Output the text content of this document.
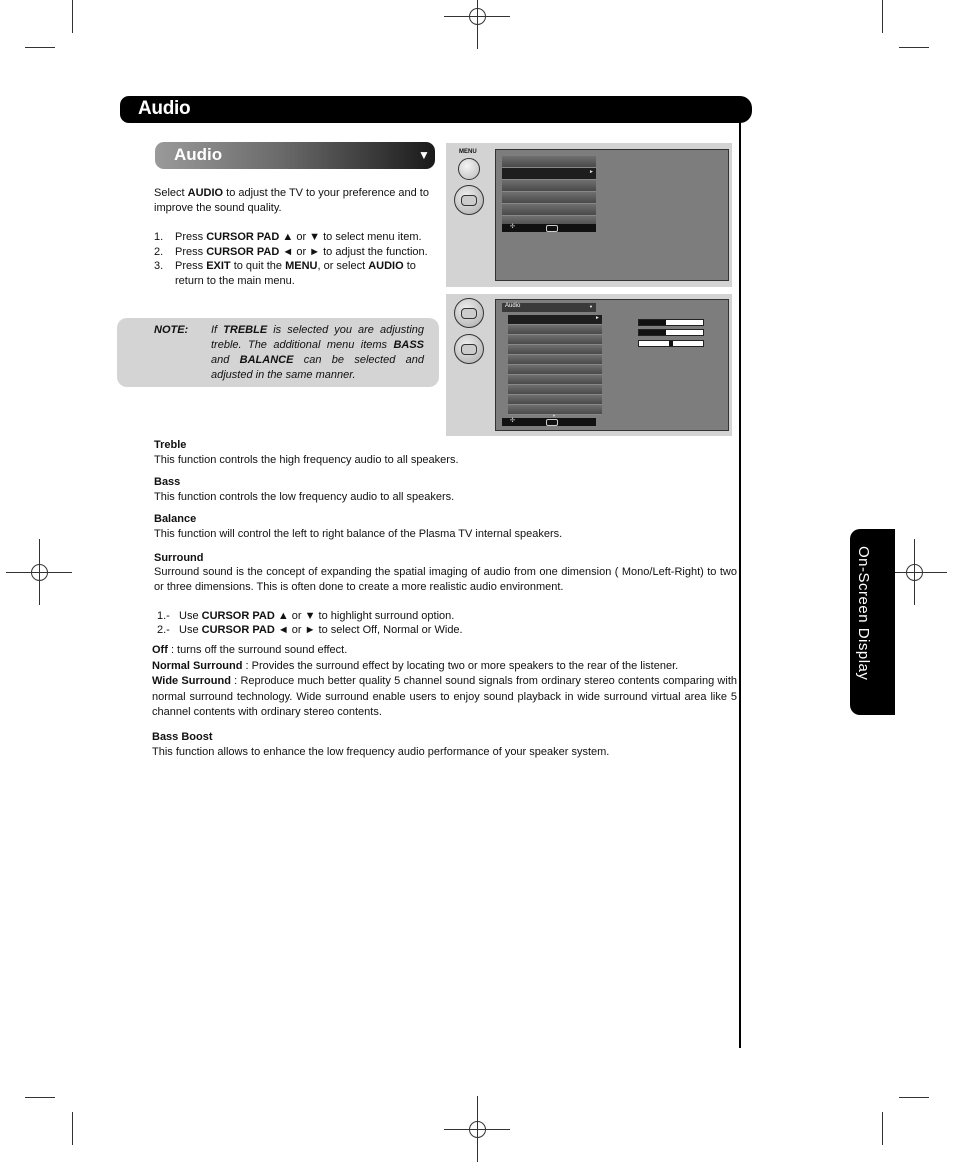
Audio
Audio	▼
Select AUDIO to adjust the TV to your preference and to improve the sound quality.
1. Press CURSOR PAD ▲ or ▼ to select menu item.
2. Press CURSOR PAD ◄ or ► to adjust the function.
3. Press EXIT to quit the MENU, or select AUDIO to
return to the main menu.
NOTE: If TREBLE is selected you are adjusting treble. The additional menu items BASS and BALANCE can be selected and adjusted in the same manner.
MENU
►
✣
Audio	▼
►
▼
✣
Treble
This function controls the high frequency audio to all speakers.
Bass
This function controls the low frequency audio to all speakers.
Balance
This function will control the left to right balance of the Plasma TV internal speakers.
Surround
Surround sound is the concept of expanding the spatial imaging of audio from one dimension ( Mono/Left-Right) to two or three dimensions. This is often done to create a more realistic audio environment.
1.- Use CURSOR PAD ▲ or ▼ to highlight surround option.
2.- Use CURSOR PAD ◄ or ► to select Off, Normal or Wide.
Off : turns off the surround sound effect.
Normal Surround : Provides the surround effect by locating two or more speakers to the rear of the listener.
Wide Surround : Reproduce much better quality 5 channel sound signals from ordinary stereo contents comparing with normal surround technology. Wide surround enable users to enjoy sound playback in wide surround virtual area like 5 channel contents with ordinary stereo contents.
Bass Boost
This function allows to enhance the low frequency audio performance of your speaker system.
On-Screen Display
